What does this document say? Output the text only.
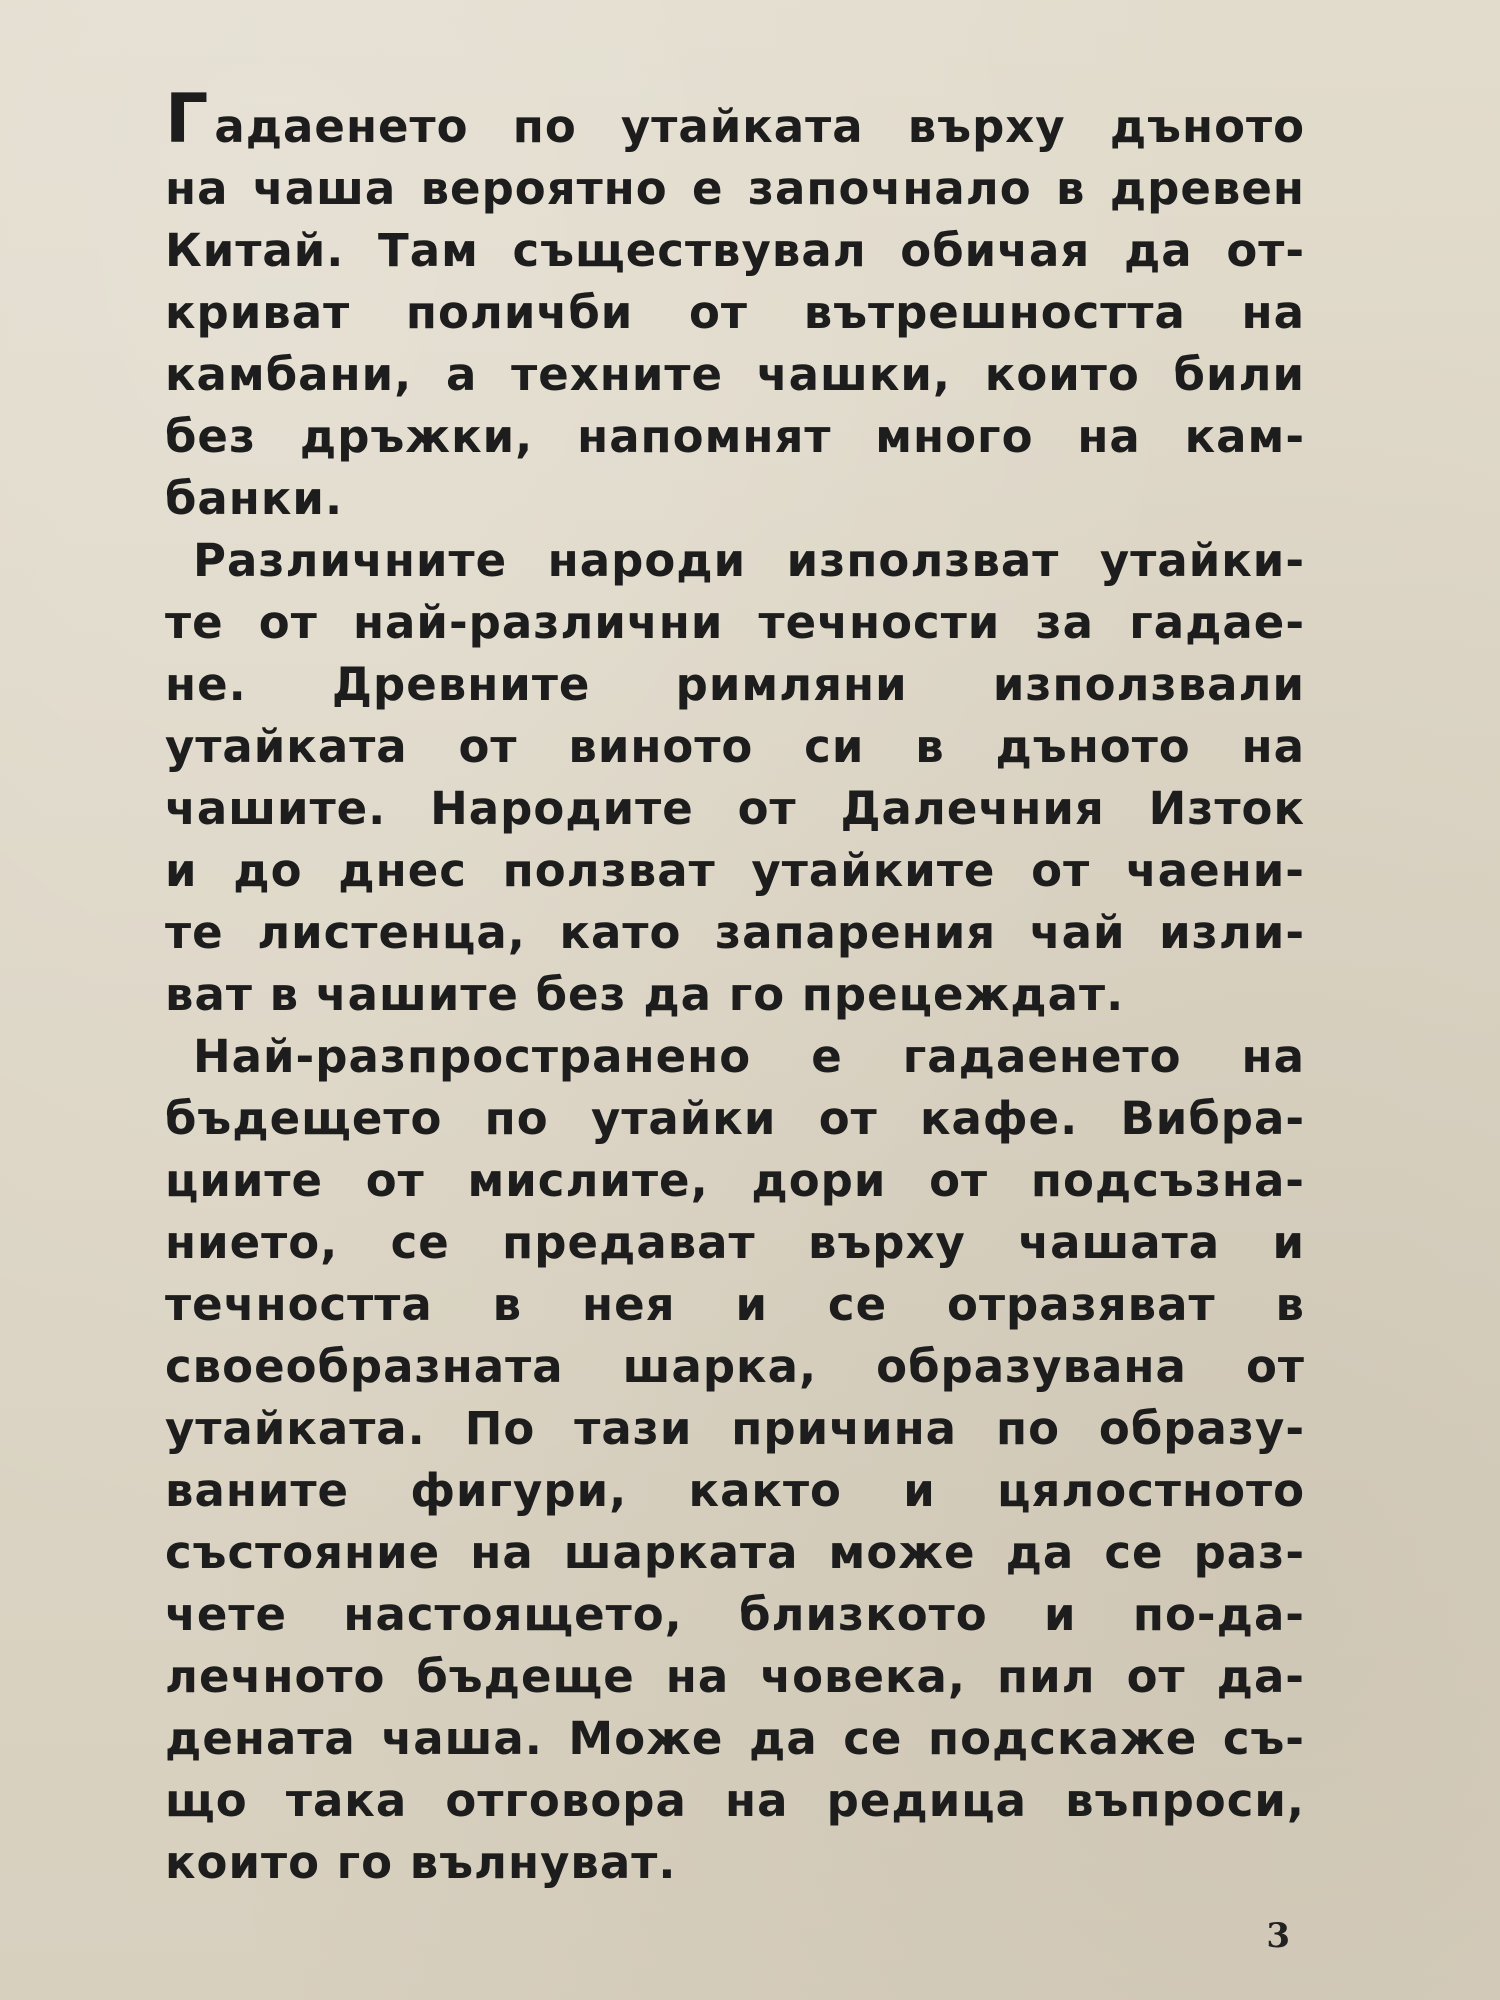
Гадаенето по утайката върху дъното
на чаша вероятно е започнало в древен
Китай. Там съществувал обичая да от-
криват поличби от вътрешността на
камбани, а техните чашки, които били
без дръжки, напомнят много на кам-
банки.
Различните народи използват утайки-
те от най-различни течности за гадае-
не. Древните римляни използвали
утайката от виното си в дъното на
чашите. Народите от Далечния Изток
и до днес ползват утайките от чаени-
те листенца, като запарения чай изли-
ват в чашите без да го прецеждат.
Най-разпространено е гадаенето на
бъдещето по утайки от кафе. Вибра-
циите от мислите, дори от подсъзна-
нието, се предават върху чашата и
течността в нея и се отразяват в
своеобразната шарка, образувана от
утайката. По тази причина по образу-
ваните фигури, както и цялостното
състояние на шарката може да се раз-
чете настоящето, близкото и по-да-
лечното бъдеще на човека, пил от да-
дената чаша. Може да се подскаже съ-
що така отговора на редица въпроси,
които го вълнуват.
3
